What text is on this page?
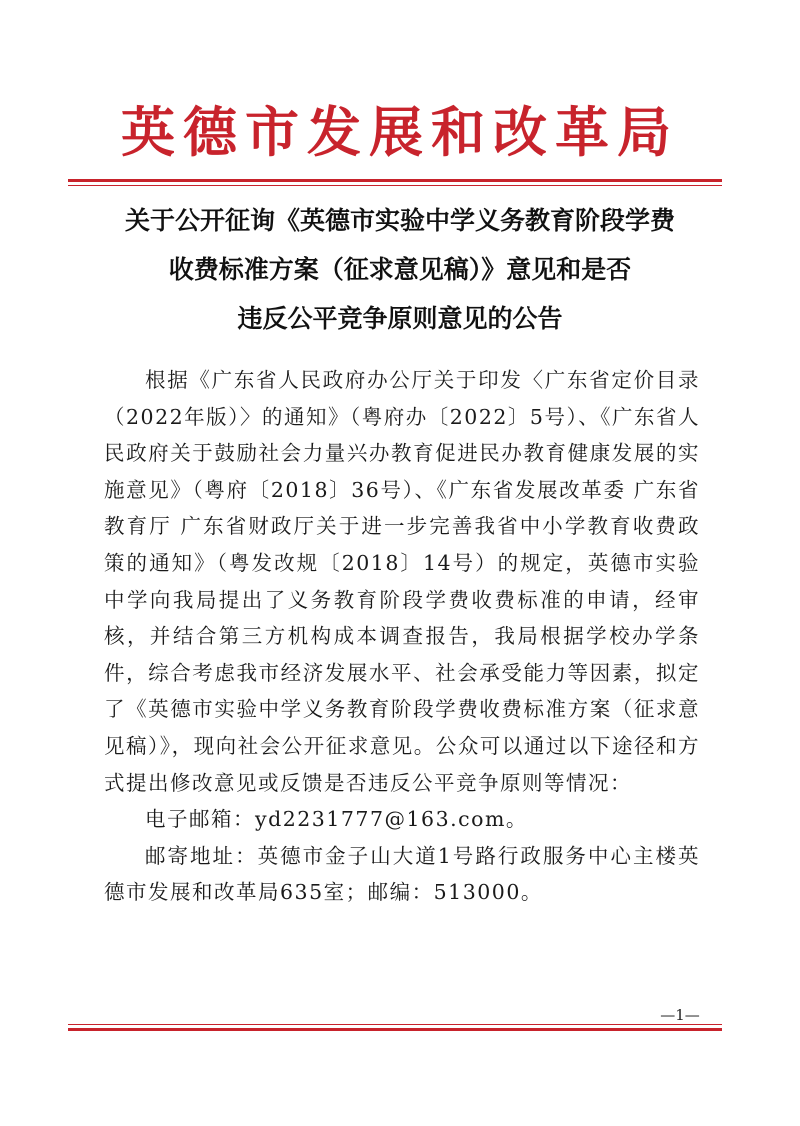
英德市发展和改革局
关于公开征询《英德市实验中学义务教育阶段学费
收费标准方案（征求意见稿）》意见和是否
违反公平竞争原则意见的公告

根据《广东省人民政府办公厅关于印发〈广东省定价目录（2022年版）〉的通知》（粤府办〔2022〕5号）、《广东省人民政府关于鼓励社会力量兴办教育促进民办教育健康发展的实施意见》（粤府〔2018〕36号）、《广东省发展改革委 广东省教育厅 广东省财政厅关于进一步完善我省中小学教育收费政策的通知》（粤发改规〔2018〕14号）的规定，英德市实验中学向我局提出了义务教育阶段学费收费标准的申请，经审核，并结合第三方机构成本调查报告，我局根据学校办学条件，综合考虑我市经济发展水平、社会承受能力等因素，拟定了《英德市实验中学义务教育阶段学费收费标准方案（征求意见稿）》，现向社会公开征求意见。公众可以通过以下途径和方式提出修改意见或反馈是否违反公平竞争原则等情况：

电子邮箱：yd2231777@163.com。

邮寄地址：英德市金子山大道1号路行政服务中心主楼英德市发展和改革局635室；邮编：513000。

—1—
